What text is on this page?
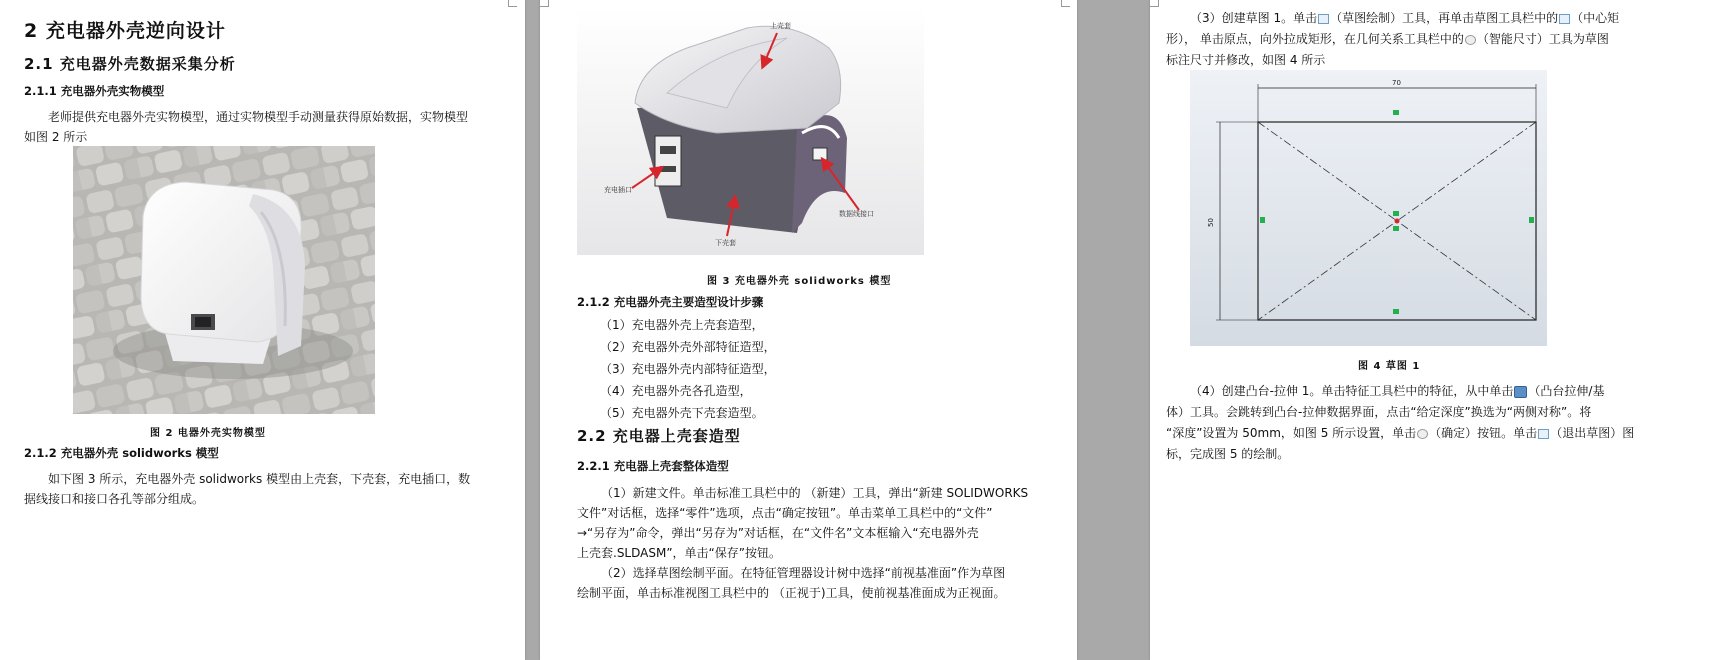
2 充电器外壳逆向设计

2.1 充电器外壳数据采集分析

2.1.1 充电器外壳实物模型

老师提供充电器外壳实物模型，通过实物模型手动测量获得原始数据，实物模型

如图 2 所示

图 2 电器外壳实物模型

2.1.2 充电器外壳 solidworks 模型

如下图 3 所示，充电器外壳 solidworks 模型由上壳套，下壳套，充电插口，数

据线接口和接口各孔等部分组成。

上壳套
充电插口
下壳套
数据线接口

图 3 充电器外壳 solidworks 模型

2.1.2 充电器外壳主要造型设计步骤

（1）充电器外壳上壳套造型，
（2）充电器外壳外部特征造型，
（3）充电器外壳内部特征造型，
（4）充电器外壳各孔造型，
（5）充电器外壳下壳套造型。

2.2 充电器上壳套造型

2.2.1 充电器上壳套整体造型

（1）新建文件。单击标准工具栏中的 （新建）工具，弹出“新建 SOLIDWORKS

文件”对话框，选择“零件”选项，点击“确定按钮”。单击菜单工具栏中的“文件”

→“另存为”命令，弹出“另存为”对话框，在“文件名”文本框输入“充电器外壳

上壳套.SLDASM”，单击“保存”按钮。

（2）选择草图绘制平面。在特征管理器设计树中选择“前视基准面”作为草图

绘制平面，单击标准视图工具栏中的 （正视于)工具，使前视基准面成为正视面。

（3）创建草图 1。单击 （草图绘制）工具，再单击草图工具栏中的 （中心矩

形）， 单击原点，向外拉成矩形，在几何关系工具栏中的 （智能尺寸）工具为草图

标注尺寸并修改，如图 4 所示

70
50

图 4 草图 1

（4）创建凸台-拉伸 1。单击特征工具栏中的特征，从中单击 （凸台拉伸/基

体）工具。会跳转到凸台-拉伸数据界面，点击“给定深度”换选为“两侧对称”。将

“深度”设置为 50mm，如图 5 所示设置，单击 （确定）按钮。单击 （退出草图）图

标，完成图 5 的绘制。
